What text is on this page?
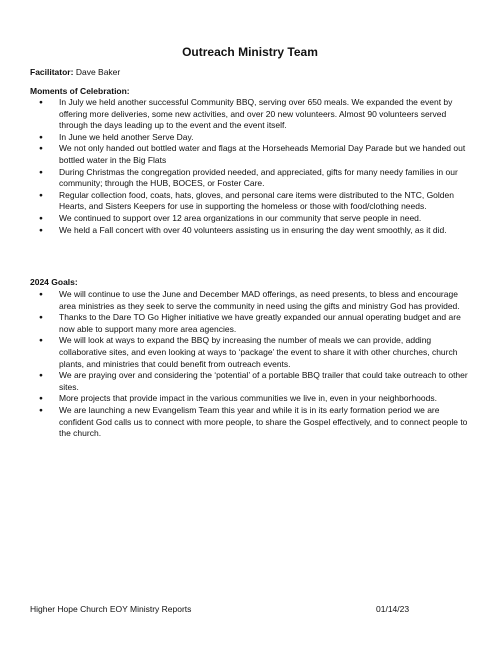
Outreach Ministry Team
Facilitator: Dave Baker
Moments of Celebration:
● In July we held another successful Community BBQ, serving over 650 meals. We expanded the event by offering more deliveries, some new activities, and over 20 new volunteers. Almost 90 volunteers served through the days leading up to the event and the event itself.
● In June we held another Serve Day.
● We not only handed out bottled water and flags at the Horseheads Memorial Day Parade but we handed out bottled water in the Big Flats
● During Christmas the congregation provided needed, and appreciated, gifts for many needy families in our community; through the HUB, BOCES, or Foster Care.
● Regular collection food, coats, hats, gloves, and personal care items were distributed to the NTC, Golden Hearts, and Sisters Keepers for use in supporting the homeless or those with food/clothing needs.
● We continued to support over 12 area organizations in our community that serve people in need.
● We held a Fall concert with over 40 volunteers assisting us in ensuring the day went smoothly, as it did.
2024 Goals:
● We will continue to use the June and December MAD offerings, as need presents, to bless and encourage area ministries as they seek to serve the community in need using the gifts and ministry God has provided.
● Thanks to the Dare TO Go Higher initiative we have greatly expanded our annual operating budget and are now able to support many more area agencies.
● We will look at ways to expand the BBQ by increasing the number of meals we can provide, adding collaborative sites, and even looking at ways to ‘package’ the event to share it with other churches, church plants, and ministries that could benefit from outreach events.
● We are praying over and considering the ‘potential’ of a portable BBQ trailer that could take outreach to other sites.
● More projects that provide impact in the various communities we live in, even in your neighborhoods.
● We are launching a new Evangelism Team this year and while it is in its early formation period we are confident God calls us to connect with more people, to share the Gospel effectively, and to connect people to the church.
Higher Hope Church EOY Ministry Reports	01/14/23
